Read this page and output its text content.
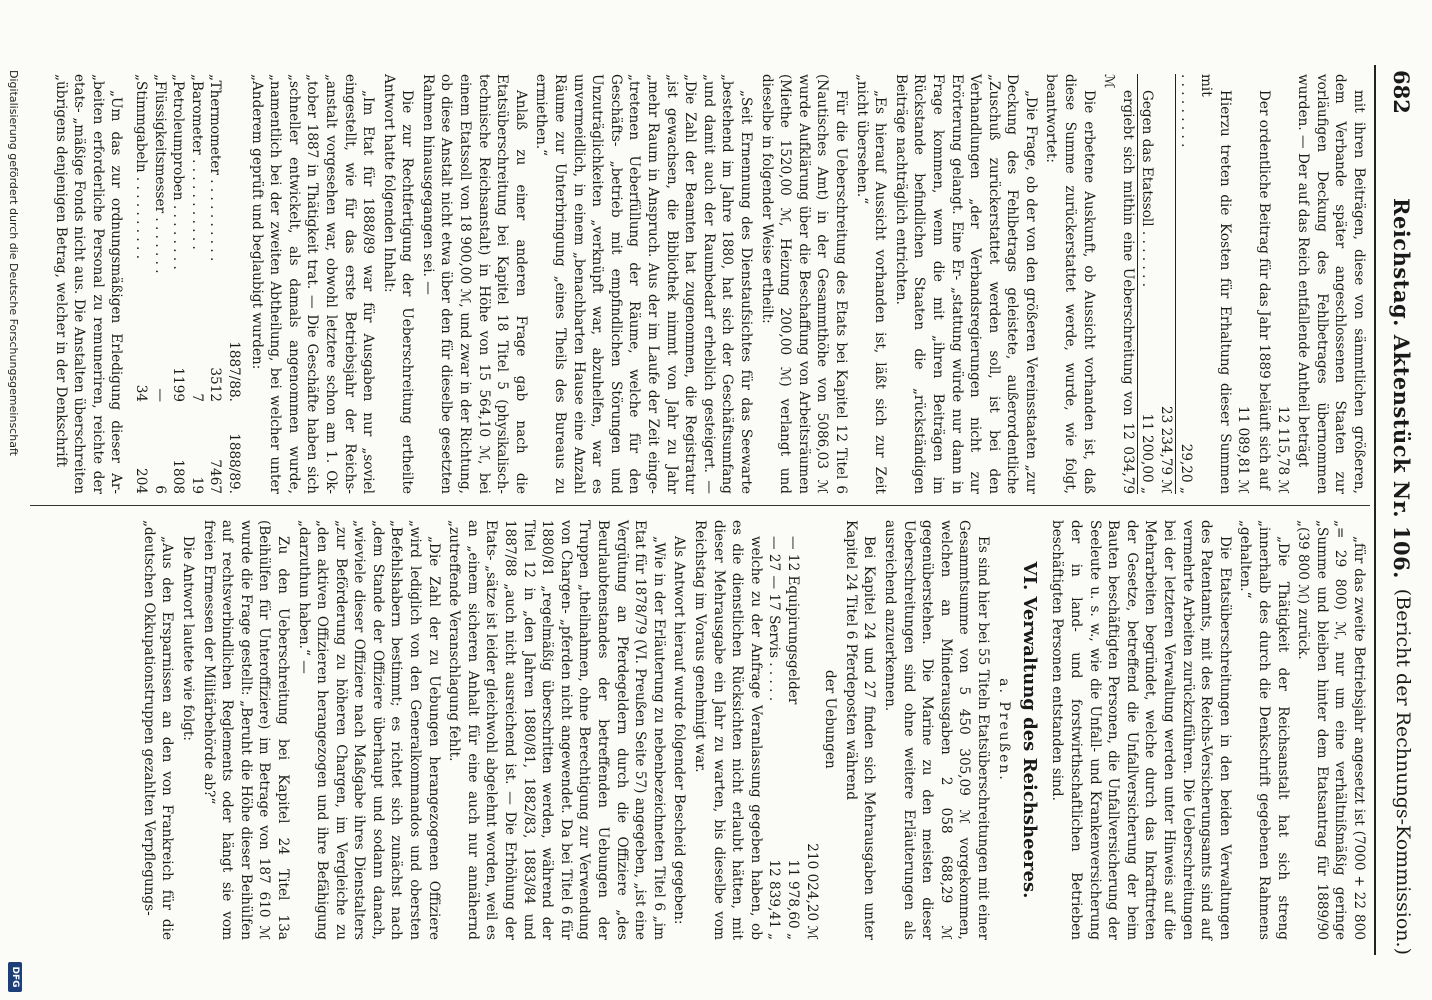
682
Reichstag. Aktenstück Nr. 106.
(Bericht der Rechnungs-Kommission.)

mit ihren Beiträgen, diese von sämmtlichen größeren, dem Verbande später angeschlossenen Staaten zur vorläufigen Deckung des Fehlbetrages übernommen wurden. — Der auf das Reich entfallende Antheil beträgt

12 115,78 ℳ

Der ordentliche Beitrag für das Jahr 1889 beläuft sich auf

11 089,81 ℳ

Hierzu treten die Kosten für Erhaltung dieser Summen mit

. . . . . . . . .
29,20 „
23 234,79 ℳ
Gegen das Etatssoll . . . . . . .
11 200,00 „

ergiebt sich mithin eine Ueberschreitung von 12 034,79 ℳ

Die erbetene Auskunft, ob Aussicht vorhanden ist, daß diese Summe zurückerstattet werde, wurde, wie folgt, beantwortet:

„Die Frage, ob der von den größeren Vereinsstaaten „zur Deckung des Fehlbetrags geleistete, außerordentliche „Zuschuß zurückerstattet werden soll, ist bei den Verhandlungen „der Verbandsregierungen nicht zur Erörterung gelangt. Eine Er- „stattung würde nur dann in Frage kommen, wenn die mit „ihren Beiträgen im Rückstande befindlichen Staaten die „rückständigen Beiträge nachträglich entrichten.

„Es hierauf Aussicht vorhanden ist, läßt sich zur Zeit „nicht übersehen.“

Für die Ueberschreitung des Etats bei Kapitel 12 Titel 6 (Nautisches Amt) in der Gesammthöhe von 5086,03 ℳ wurde Aufklärung über die Beschaffung von Arbeitsräumen (Miethe 1520,00 ℳ, Heizung 200,00 ℳ) verlangt und dieselbe in folgender Weise ertheilt:

„Seit Ernennung des Dienstaufsichtes für das Seewarte „bestehend im Jahre 1880, hat sich der Geschäftsumfang „und damit auch der Raumbedarf erheblich gesteigert. — „Die Zahl der Beamten hat zugenommen, die Registratur „ist gewachsen, die Bibliothek nimmt von Jahr zu Jahr „mehr Raum in Anspruch. Aus der im Laufe der Zeit einge- „tretenen Ueberfüllung der Räume, welche für den Geschäfts- „betrieb mit empfindlichen Störungen und Unzuträglichkeiten „verknüpft war, abzuhelfen, war es unvermeidlich, in einem „benachbarten Hause eine Anzahl Räume zur Unterbringung „eines Theils des Bureaus zu ermiethen.“

Anlaß zu einer anderen Frage gab nach die Etatsüberschreitung bei Kapitel 18 Titel 5 (physikalisch-technische Reichsanstalt) in Höhe von 15 564,10 ℳ, bei einem Etatssoll von 18 900,00 ℳ, und zwar in der Richtung, ob diese Anstalt nicht etwa über den für dieselbe gesetzten Rahmen hinausgegangen sei. —

Die zur Rechtfertigung der Ueberschreitung ertheilte Antwort hatte folgenden Inhalt:

„Im Etat für 1888/89 war für Ausgaben nur „soviel eingestellt, wie für das erste Betriebsjahr der Reichs- „anstalt vorgesehen war, obwohl letztere schon am 1. Ok- „tober 1887 in Thätigkeit trat. — Die Geschäfte haben sich „schneller entwickelt, als damals angenommen wurde, „namentlich bei der zweiten Abtheilung, bei welcher unter „Anderem geprüft und beglaubigt wurden:

1887/88.
1888/89.
„Thermometer . . . . . . . . . .
3512
7467
„Barometer . . . . . . . . . . .
7
19
„Petroleumproben . . . . . . . .
1199
1808
„Flüssigkeitsmesser . . . . . . .
—
6
„Stimmgabeln . . . . . . . . . .
34
204

„Um das zur ordnungsmäßigen Erledigung dieser Ar- „beiten erforderliche Personal zu remuneriren, reichte der etats- „mäßige Fonds nicht aus. Die Anstalten überschreiten „übrigens denjenigen Betrag, welcher in der Denkschrift

„für das zweite Betriebsjahr angesetzt ist (7000 + 22 800 „= 29 800) ℳ, nur um eine verhältnißmäßig geringe „Summe und bleiben hinter dem Etatsantrag für 1889/90 „(39 800 ℳ) zurück.

„Die Thätigkeit der Reichsanstalt hat sich streng „innerhalb des durch die Denkschrift gegebenen Rahmens „gehalten.“

Die Etatsüberschreitungen in den beiden Verwaltungen des Patentamts, mit des Reichs-Versicherungsamts sind auf vermehrte Arbeiten zurückzuführen. Die Ueberschreitungen bei der letzteren Verwaltung werden unter Hinweis auf die Mehrarbeiten begründet, welche durch das Inkrafttreten der Gesetze, betreffend die Unfallversicherung der beim Bauten beschäftigten Personen, die Unfallversicherung der Seeleute u. s. w., wie die Unfall- und Krankenversicherung der in land- und forstwirthschaftlichen Betrieben beschäftigten Personen entstanden sind.

VI. Verwaltung des Reichsheeres.
a. Preußen.

Es sind hier bei 55 Titeln Etatsüberschreitungen mit einer Gesammtsumme von 5 450 305,09 ℳ vorgekommen, welchen an Minderausgaben 2 058 688,29 ℳ gegenüberstehen. Die Marine zu den meisten dieser Ueberschreitungen sind ohne weitere Erläuterungen als ausreichend anzuerkennen.

Bei Kapitel 24 und 27 finden sich Mehrausgaben unter Kapitel 24 Titel 6 Pferdeposten während

der Uebungen
210 024,20 ℳ
— 12 Equipirungsgelder
11 978,60 „
— 27 — 17 Servis . . . . .
12 839,41 „

welche zu der Anfrage Veranlassung gegeben haben, ob es die dienstlichen Rücksichten nicht erlaubt hätten, mit dieser Mehrausgabe ein Jahr zu warten, bis dieselbe vom Reichstag im Voraus genehmigt war.

Als Antwort hierauf wurde folgender Bescheid gegeben:

„Wie in der Erläuterung zu nebenbezeichneten Titel 6 „im Etat für 1878/79 (VI. Preußen Seite 57) angegeben, „ist eine Vergütung an Pferdegeldern durch die Offiziere „des Beurlaubtenstandes der betreffenden Uebungen der Truppen „theilnahmen, ohne Berechtigung zur Verwendung von Chargen- „pferden nicht angewendet. Da bei Titel 6 für 1880/81 „regelmäßig überschritten werden, während der Titel 12 in „den Jahren 1880/81, 1882/83, 1883/84 und 1887/88 „auch nicht ausreichend ist. — Die Erhöhung der Etats- „sätze ist leider gleichwohl abgelehnt worden, weil es an „einem sicheren Anhalt für eine auch nur annähernd „zutreffende Veranschlagung fehlt.

„Die Zahl der zu Uebungen herangezogenen Offiziere „wird lediglich von den Generalkommandos und obersten „Befehlshabern bestimmt; es richtet sich zunächst nach „dem Stande der Offiziere überhaupt und sodann danach, „wieviele dieser Offiziere nach Maßgabe ihres Dienstalters „zur Beförderung zu höheren Chargen, im Vergleiche zu „den aktiven Offizieren herangezogen und ihre Befähigung „darzuthun haben.“ —

Zu den Ueberschreitung bei Kapitel 24 Titel 13a (Beihülfen für Unteroffiziere) im Betrage von 187 610 ℳ wurde die Frage gestellt: „Beruht die Höhe dieser Beihülfen auf rechtsverbindlichen Reglements oder hängt sie vom freien Ermessen der Militärbehörde ab?“

Die Antwort lautete wie folgt:

„Aus den Ersparnissen an den von Frankreich für die „deutschen Okkupationstruppen gezahlten Verpflegungs-

Digitalisierung gefördert durch die Deutsche Forschungsgemeinschaft
DFG
